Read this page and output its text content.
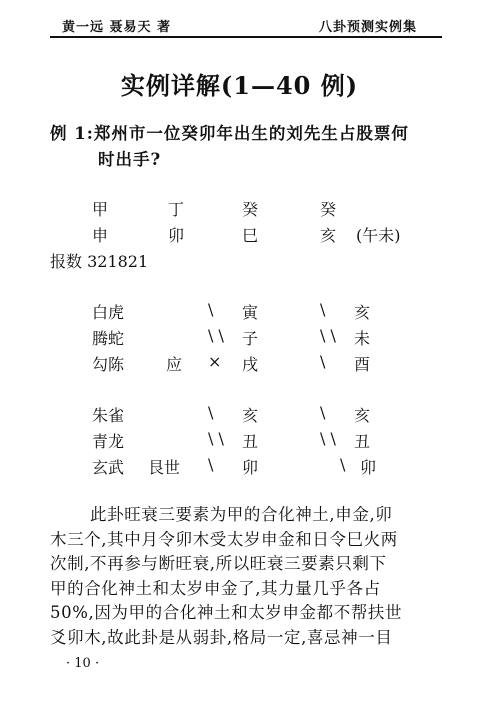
黄一远 聂易天 著	八卦预测实例集
实例详解(1—40 例)
例 1:郑州市一位癸卯年出生的刘先生占股票何
时出手?
甲	丁	癸	癸
申	卯	巳	亥 (午未)
报数 321821
白虎	\ 寅	\ 亥
腾蛇	\ \ 子	\ \ 未
勾陈	应 × 戌	\ 酉
朱雀	\ 亥	\ 亥
青龙	\ \ 丑	\ \ 丑
玄武 艮世 \ 卯	\ 卯
此卦旺衰三要素为甲的合化神土,申金,卯
木三个,其中月令卯木受太岁申金和日令巳火两
次制,不再参与断旺衰,所以旺衰三要素只剩下
甲的合化神土和太岁申金了,其力量几乎各占
50%,因为甲的合化神土和太岁申金都不帮扶世
爻卯木,故此卦是从弱卦,格局一定,喜忌神一目
· 10 ·
